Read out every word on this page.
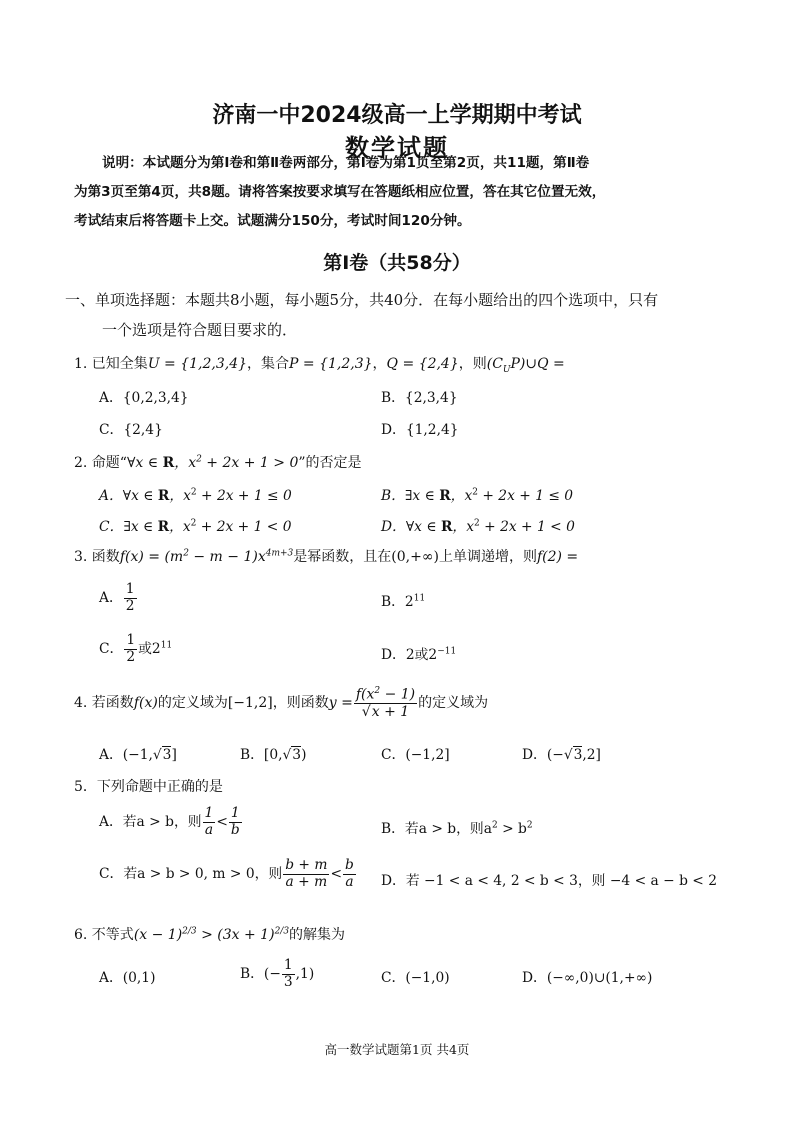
济南一中2024级高一上学期期中考试
数学试题

说明：本试题分为第Ⅰ卷和第Ⅱ卷两部分，第Ⅰ卷为第1页至第2页，共11题，第Ⅱ卷

为第3页至第4页，共8题。请将答案按要求填写在答题纸相应位置，答在其它位置无效，

考试结束后将答题卡上交。试题满分150分，考试时间120分钟。

第Ⅰ卷（共58分）
一、单项选择题：本题共8小题，每小题5分，共40分．在每小题给出的四个选项中，只有
一个选项是符合题目要求的．
1. 已知全集U = {1,2,3,4}，集合P = {1,2,3}，Q = {2,4}，则$(C_UP)\cup Q$ =
A．{0,2,3,4}	B．{2,3,4}
C．{2,4}	D．{1,2,4}
2. 命题“∀x ∈ R，$x^2 + 2x + 1 > 0$”的否定是
A．∀x ∈ R，$x^2 + 2x + 1 \le 0$	B．∃x ∈ R，$x^2 + 2x + 1 \le 0$
C．∃x ∈ R，$x^2 + 2x + 1 < 0$	D．∀x ∈ R，$x^2 + 2x + 1 < 0$
3. 函数$f(x) = (m^2 - m - 1)x^{4m+3}$是幂函数，且在(0,+∞)上单调递增，则f(2) =
A． $\frac{1}{2}$	B．$2^{11}$
C． $\frac{1}{2}$ 或$2^{11}$
D．2或$2^{-11}$
4. 若函数f(x)的定义域为[−1,2]，则函数$y = \frac{f(x^2 - 1)}{√x + 1}$ 的定义域为
A．(−1,√3]	B．[0,√3)	C．(−1,2]	D．(−√3,2]
5．下列命题中正确的是
A．若a > b，则 $\frac{1}{a} < \frac{1}{b}$	B．若a > b，则$a^2 > b^2$
C．若a > b > 0, m > 0，则 $\frac{b + m}{a + m} < \frac{b}{a}$ D．若 −1 < a < 4, 2 < b < 3，则 −4 < a − b < 2
6. 不等式$(x - 1)^{2/3} > (3x + 1)^{2/3}$的解集为
A．(0,1)	B．(− $\frac{1}{3} ,1$)	C．(−1,0)	D．(−∞,0)∪(1,+∞)
高一数学试题第1页 共4页
